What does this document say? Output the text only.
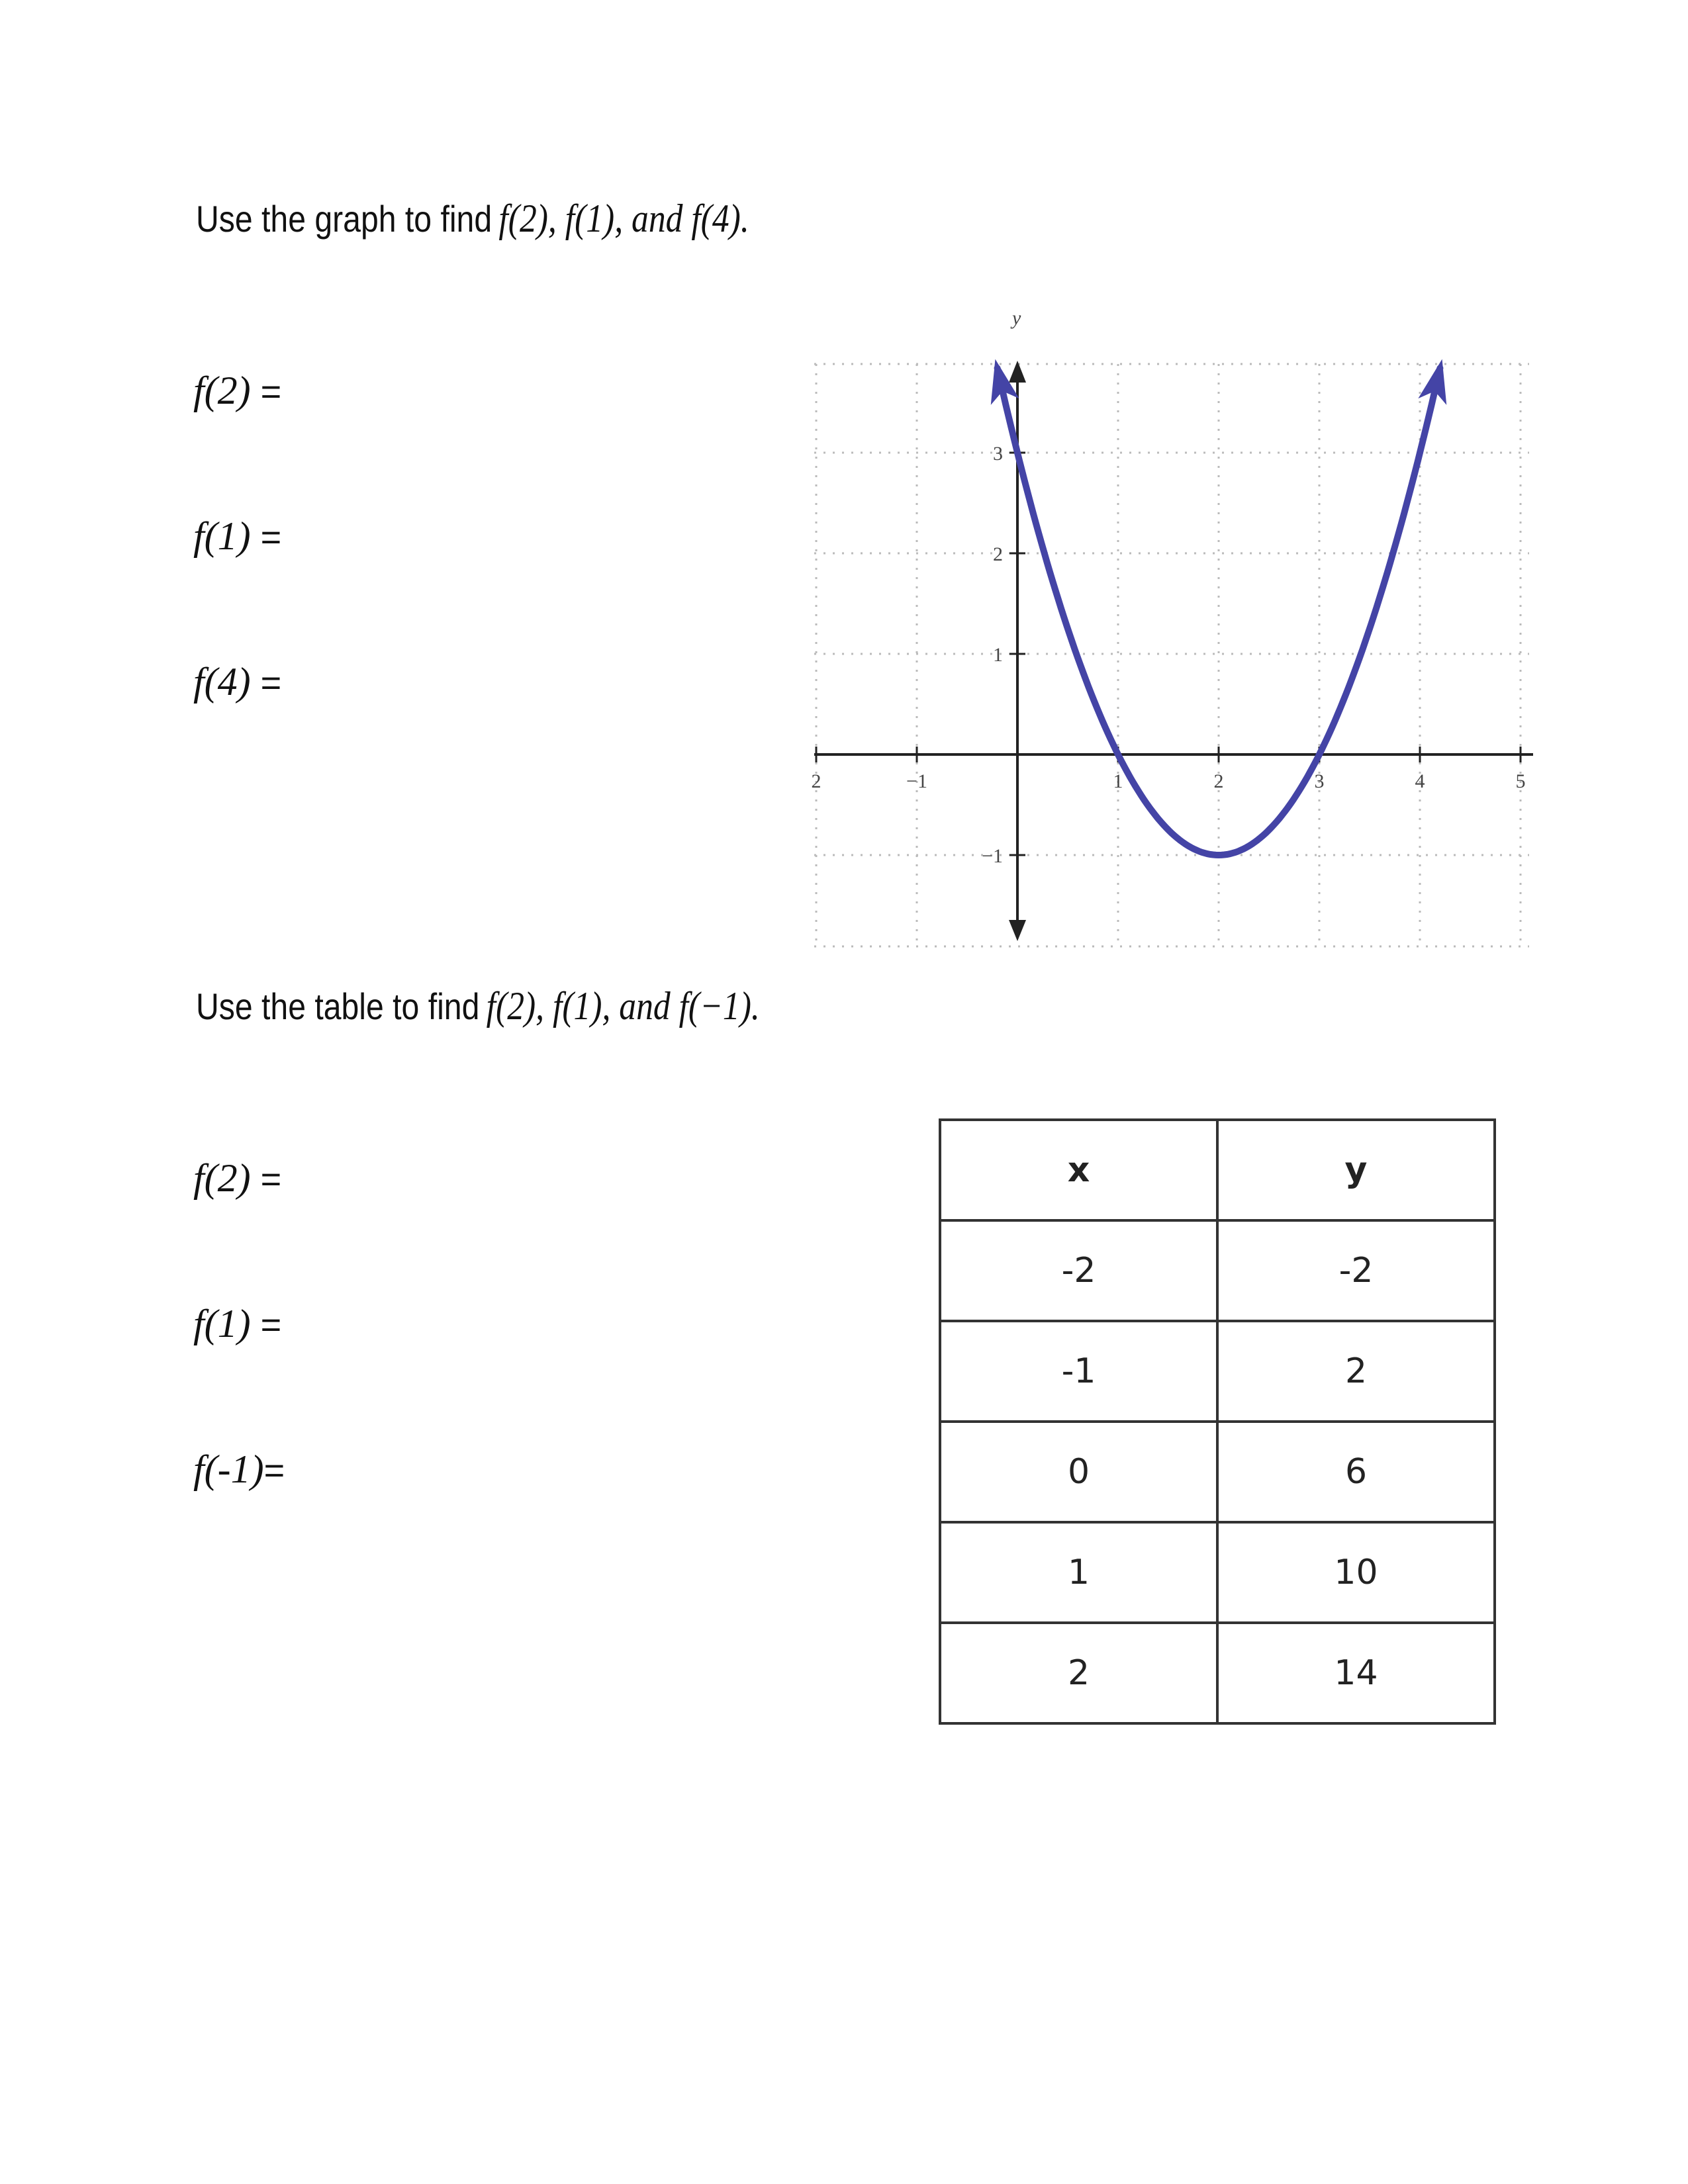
Use the graph to find f(2), f(1), and f(4).
f(2) =
f(1) =
f(4) =
y
2	−1	1	2	3	4	5
3
2
1
−1
Use the table to find f(2), f(1), and f(−1).
f(2) =
f(1) =
f(-1)=
x	y
-2	-2
-1	2
0	6
1	10
2	14
